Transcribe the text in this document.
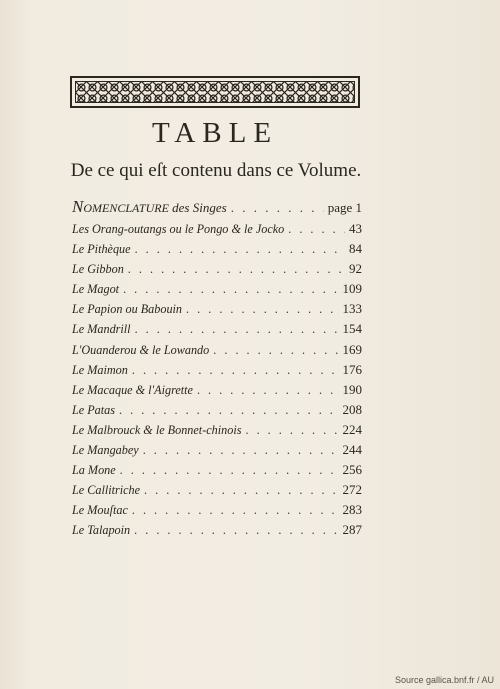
TABLE
De ce qui eſt contenu dans ce Volume.
Nomenclature des Singes . . .	page 1
Les Orang-outangs ou le Pongo & le Jocko . . .	43
Le Pithèque . . .	84
Le Gibbon . . .	92
Le Magot . . .	109
Le Papion ou Babouin . . .	133
Le Mandrill . . .	154
L'Ouanderou & le Lowando . . .	169
Le Maimon . . .	176
Le Macaque & l'Aigrette . . .	190
Le Patas . . .	208
Le Malbrouck & le Bonnet-chinois . . .	224
Le Mangabey . . .	244
La Mone . . .	256
Le Callitriche . . .	272
Le Mouſtac . . .	283
Le Talapoin . . .	287
Source gallica.bnf.fr / AU
